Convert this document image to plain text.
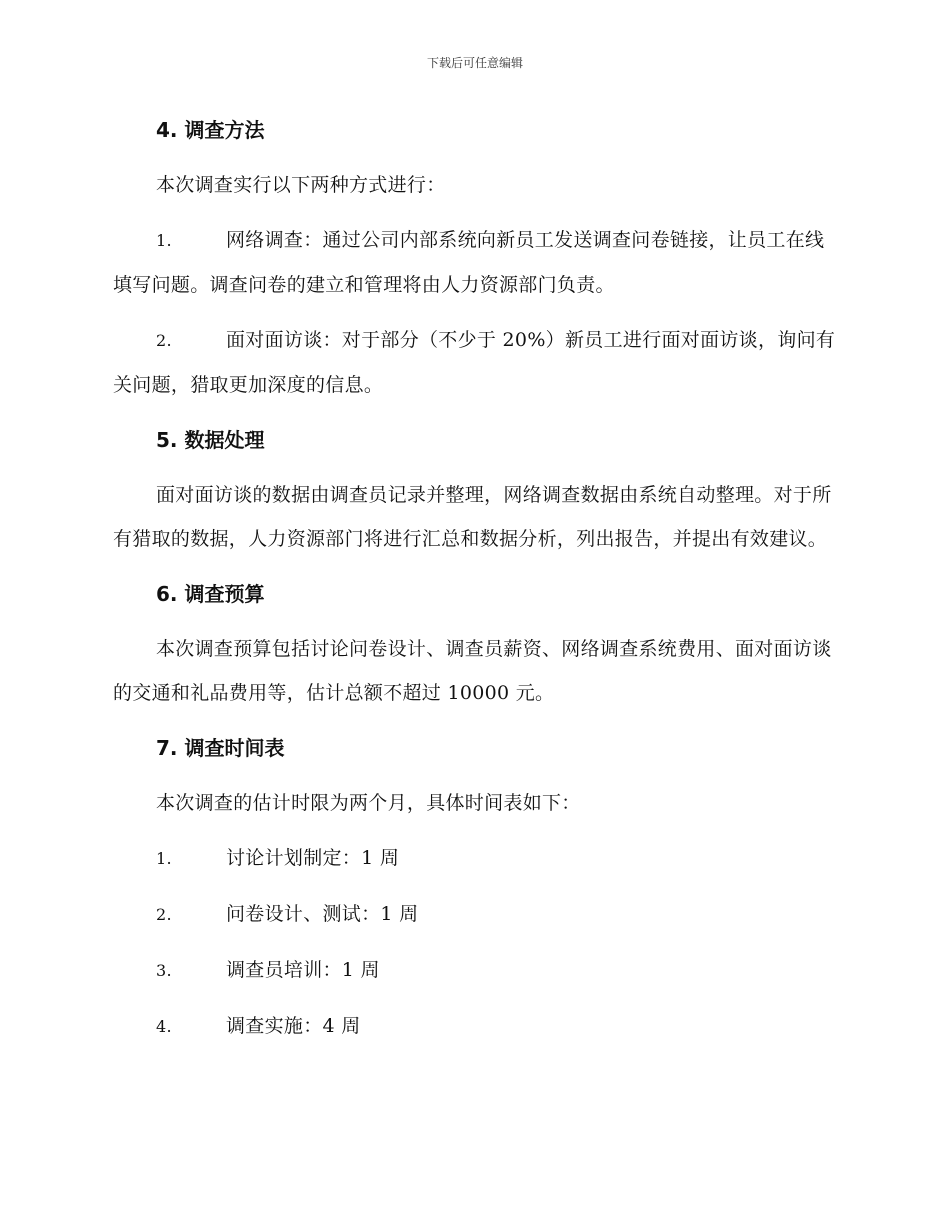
下载后可任意编辑
4. 调查方法
本次调查实行以下两种方式进行：
1.	网络调查：通过公司内部系统向新员工发送调查问卷链接，让员工在线填写问题。调查问卷的建立和管理将由人力资源部门负责。
2.	面对面访谈：对于部分（不少于 20%）新员工进行面对面访谈，询问有关问题，猎取更加深度的信息。
5. 数据处理
面对面访谈的数据由调查员记录并整理，网络调查数据由系统自动整理。对于所有猎取的数据，人力资源部门将进行汇总和数据分析，列出报告，并提出有效建议。
6. 调查预算
本次调查预算包括讨论问卷设计、调查员薪资、网络调查系统费用、面对面访谈的交通和礼品费用等，估计总额不超过 10000 元。
7. 调查时间表
本次调查的估计时限为两个月，具体时间表如下：
1.	讨论计划制定：1 周
2.	问卷设计、测试：1 周
3.	调查员培训：1 周
4.	调查实施：4 周
